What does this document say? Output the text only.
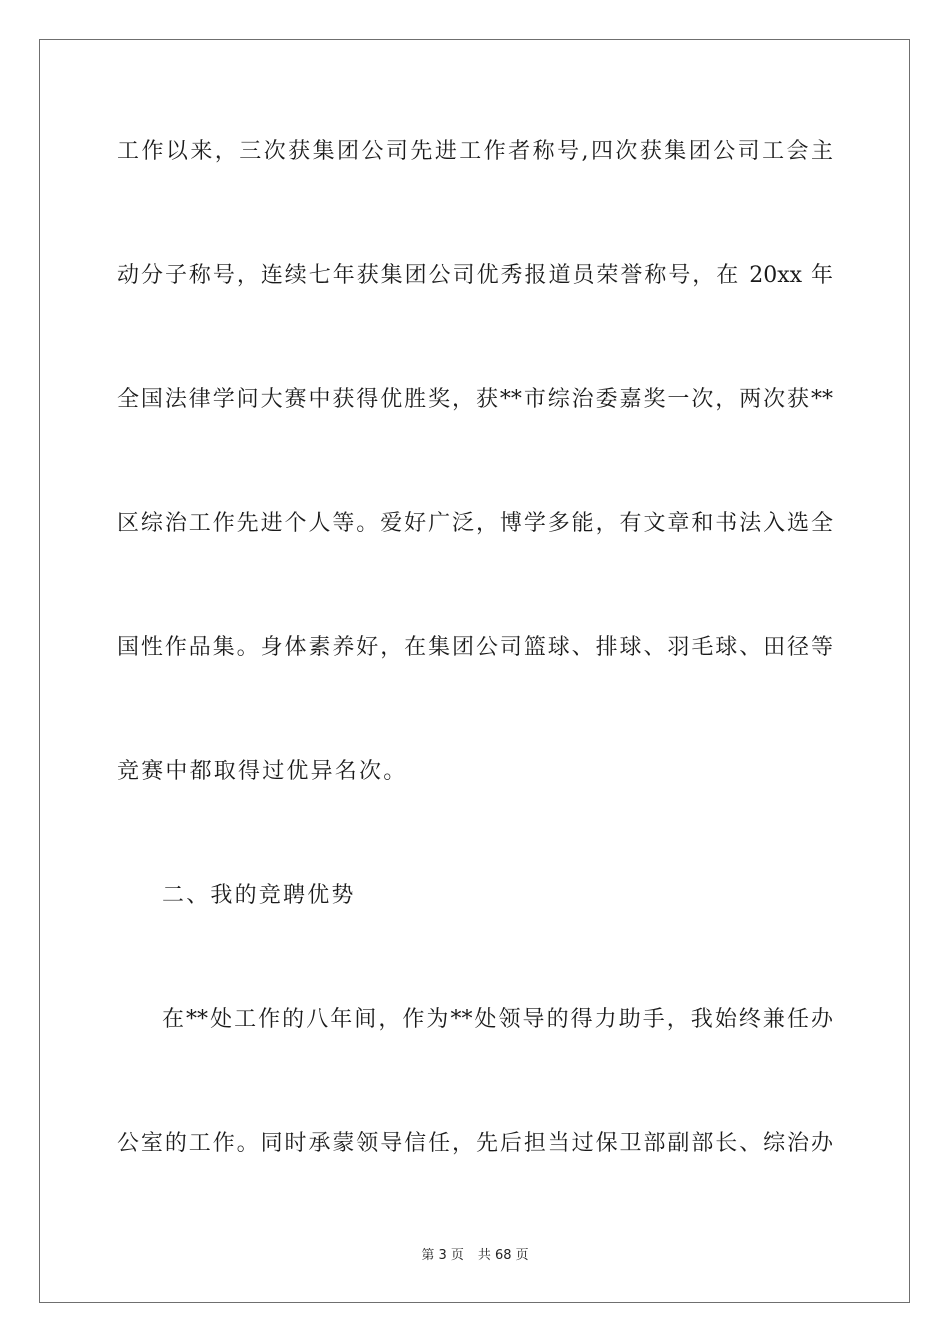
工作以来，三次获集团公司先进工作者称号,四次获集团公司工会主
动分子称号，连续七年获集团公司优秀报道员荣誉称号，在 20xx 年
全国法律学问大赛中获得优胜奖，获**市综治委嘉奖一次，两次获**
区综治工作先进个人等。爱好广泛，博学多能，有文章和书法入选全
国性作品集。身体素养好，在集团公司篮球、排球、羽毛球、田径等
竞赛中都取得过优异名次。
二、我的竞聘优势
在**处工作的八年间，作为**处领导的得力助手，我始终兼任办
公室的工作。同时承蒙领导信任，先后担当过保卫部副部长、综治办
第 3 页 共 68 页
